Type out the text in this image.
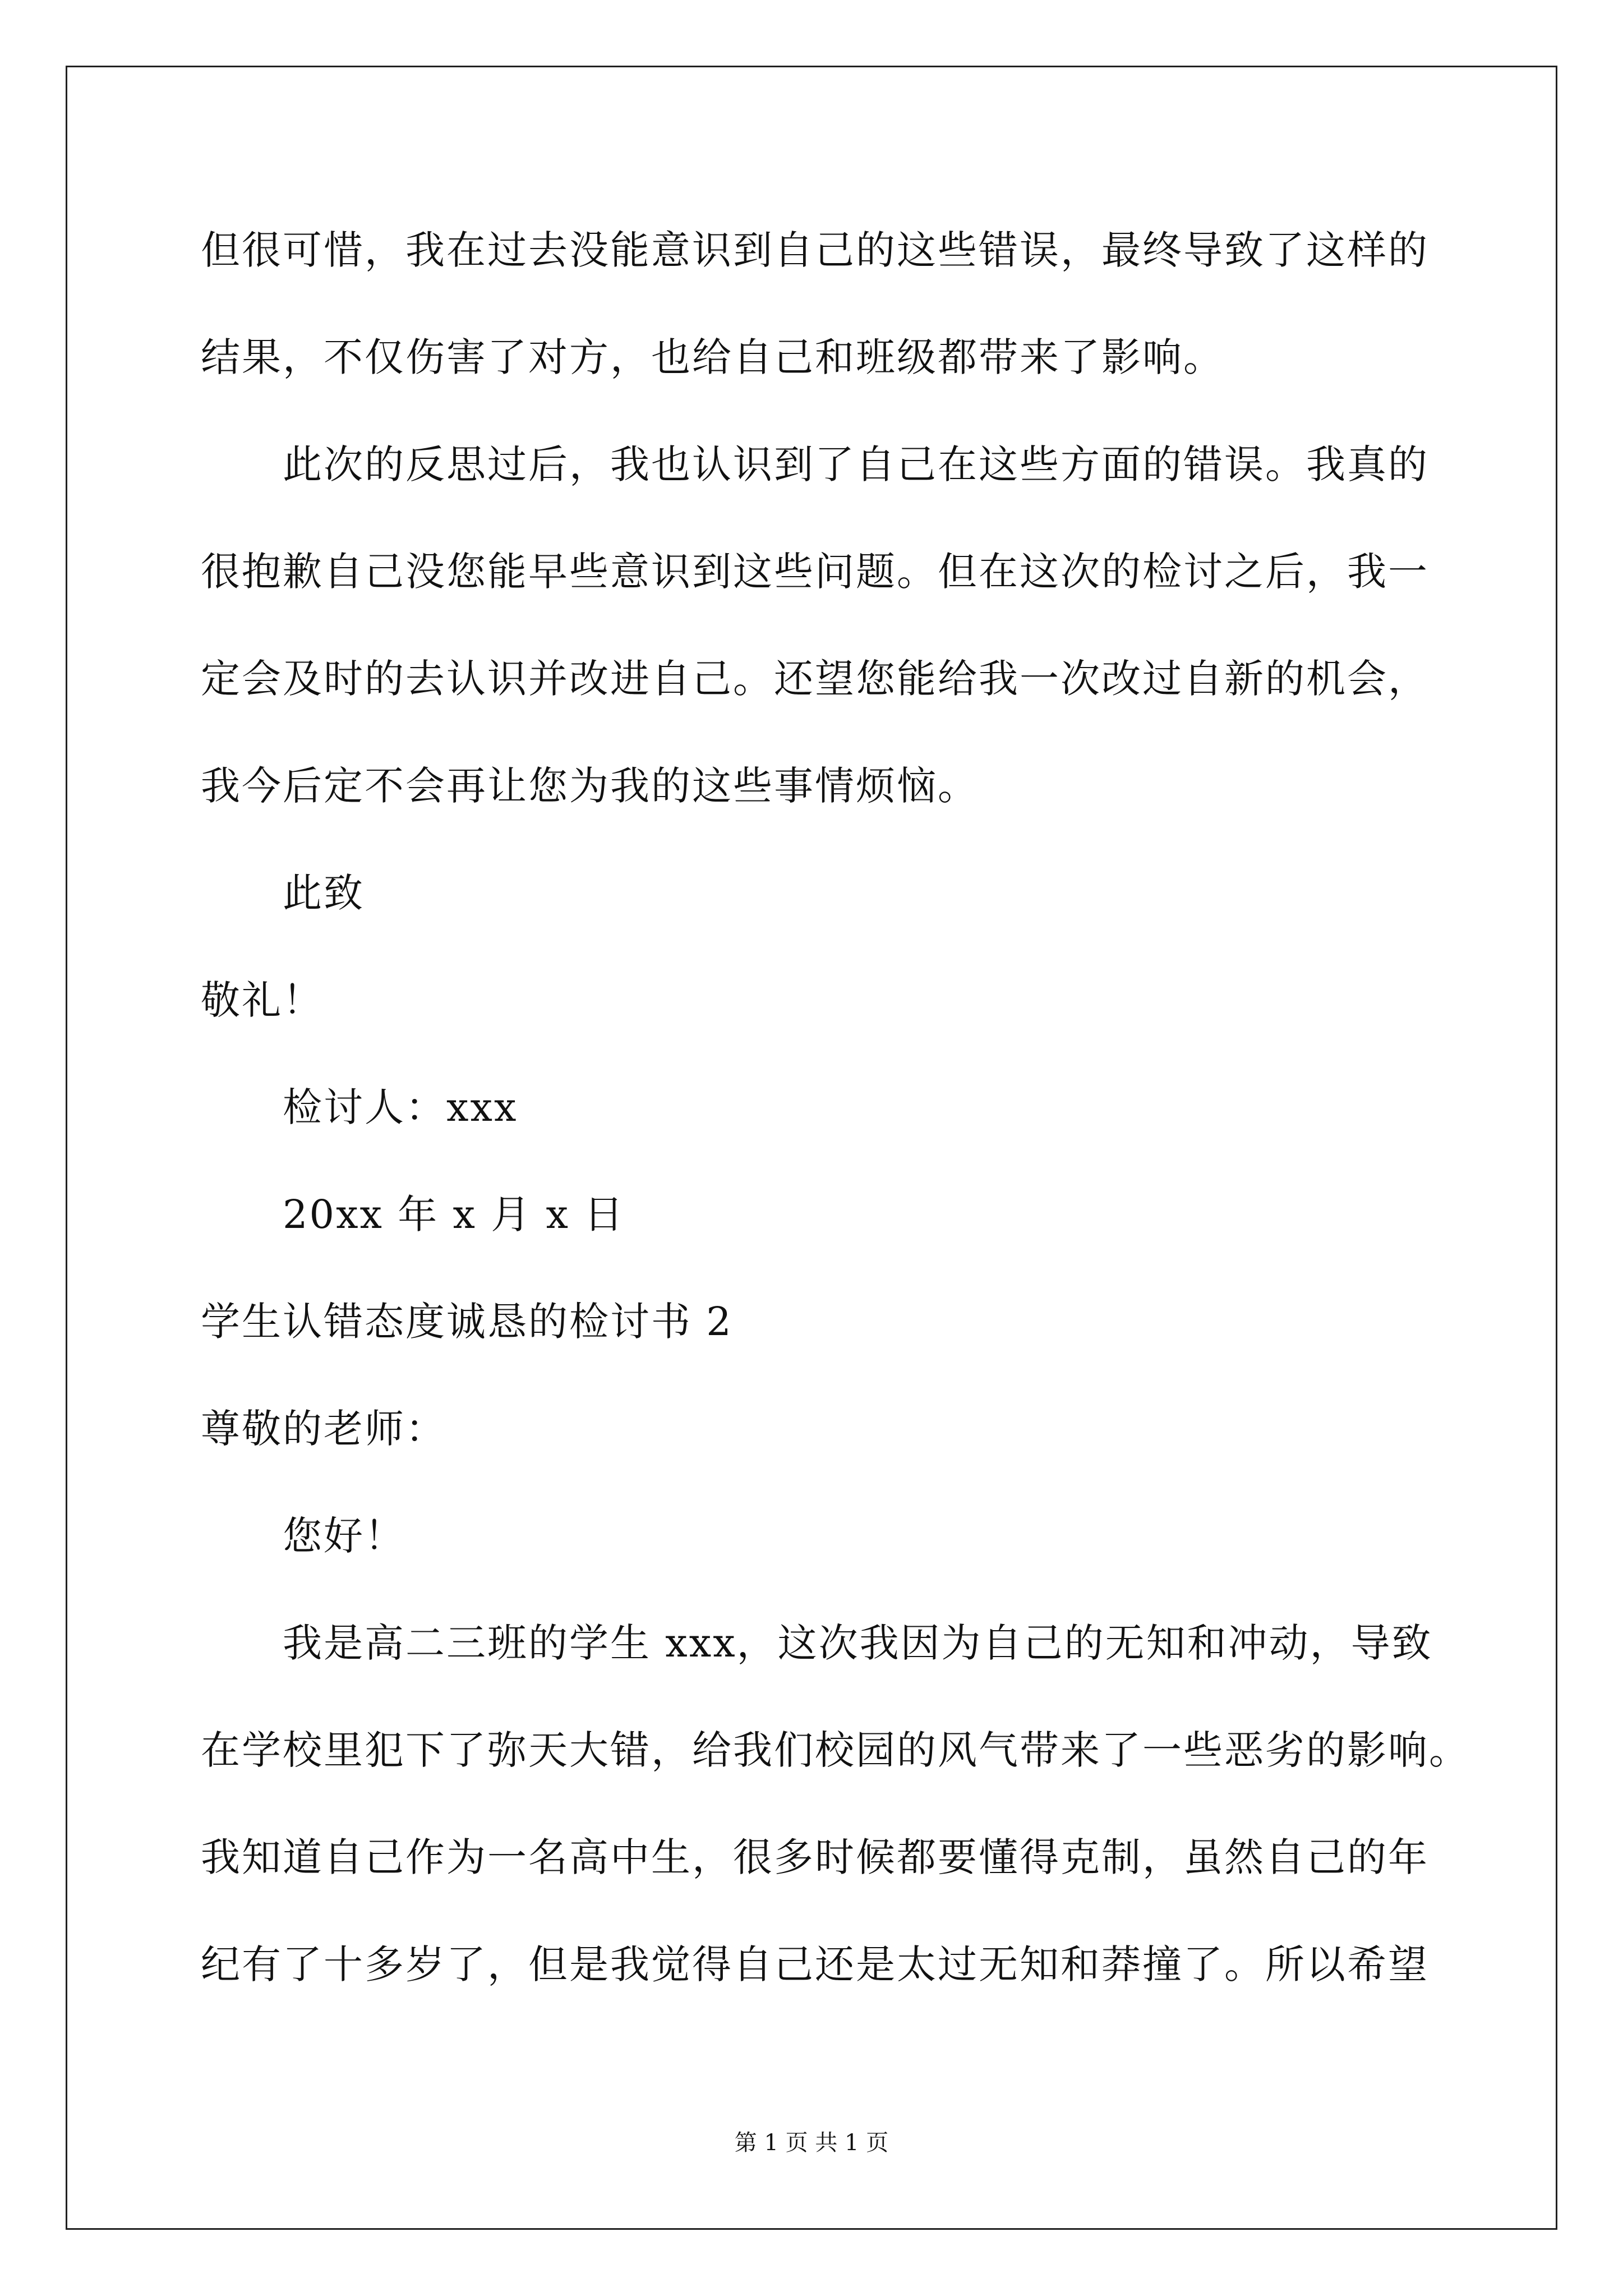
但很可惜，我在过去没能意识到自己的这些错误，最终导致了这样的
结果，不仅伤害了对方，也给自己和班级都带来了影响。
此次的反思过后，我也认识到了自己在这些方面的错误。我真的
很抱歉自己没您能早些意识到这些问题。但在这次的检讨之后，我一
定会及时的去认识并改进自己。还望您能给我一次改过自新的机会，
我今后定不会再让您为我的这些事情烦恼。
此致
敬礼！
检讨人：xxx
20xx 年 x 月 x 日
学生认错态度诚恳的检讨书 2
尊敬的老师：
您好！
我是高二三班的学生 xxx，这次我因为自己的无知和冲动，导致
在学校里犯下了弥天大错，给我们校园的风气带来了一些恶劣的影响。
我知道自己作为一名高中生，很多时候都要懂得克制，虽然自己的年
纪有了十多岁了，但是我觉得自己还是太过无知和莽撞了。所以希望
第 1 页 共 1 页
